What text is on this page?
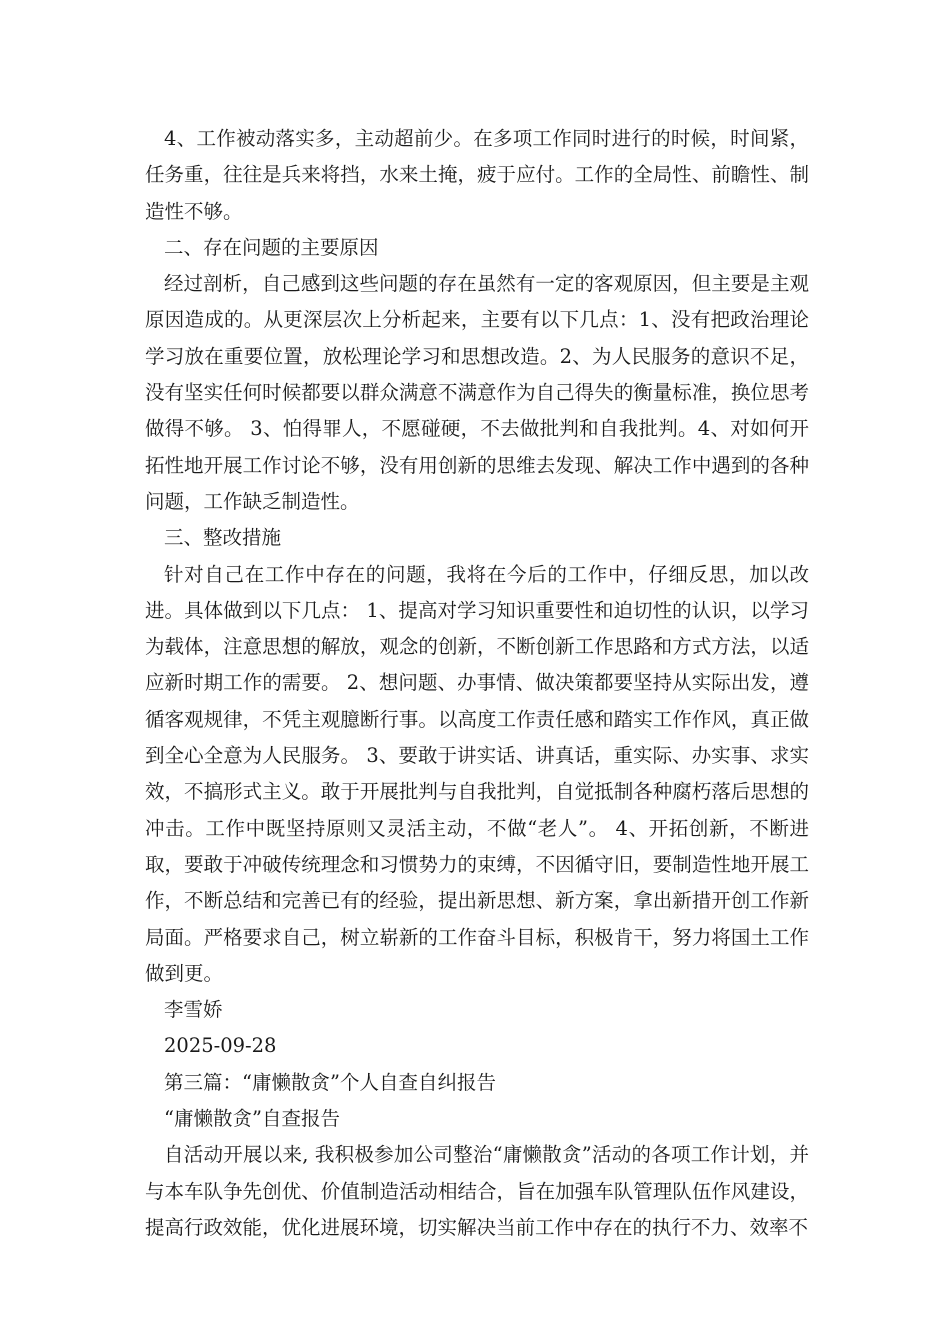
4、工作被动落实多，主动超前少。在多项工作同时进行的时候，时间紧，任务重，往往是兵来将挡，水来土掩，疲于应付。工作的全局性、前瞻性、制造性不够。

二、存在问题的主要原因

经过剖析，自己感到这些问题的存在虽然有一定的客观原因，但主要是主观原因造成的。从更深层次上分析起来，主要有以下几点：1、没有把政治理论学习放在重要位置，放松理论学习和思想改造。2、为人民服务的意识不足，没有坚实任何时候都要以群众满意不满意作为自己得失的衡量标准，换位思考做得不够。 3、怕得罪人，不愿碰硬，不去做批判和自我批判。4、对如何开拓性地开展工作讨论不够，没有用创新的思维去发现、解决工作中遇到的各种问题，工作缺乏制造性。

三、整改措施

针对自己在工作中存在的问题，我将在今后的工作中，仔细反思，加以改进。具体做到以下几点： 1、提高对学习知识重要性和迫切性的认识，以学习为载体，注意思想的解放，观念的创新，不断创新工作思路和方式方法，以适应新时期工作的需要。 2、想问题、办事情、做决策都要坚持从实际出发，遵循客观规律，不凭主观臆断行事。以高度工作责任感和踏实工作作风，真正做到全心全意为人民服务。 3、要敢于讲实话、讲真话，重实际、办实事、求实效，不搞形式主义。敢于开展批判与自我批判，自觉抵制各种腐朽落后思想的冲击。工作中既坚持原则又灵活主动，不做“老人”。 4、开拓创新，不断进取，要敢于冲破传统理念和习惯势力的束缚，不因循守旧，要制造性地开展工作，不断总结和完善已有的经验，提出新思想、新方案，拿出新措开创工作新局面。严格要求自己，树立崭新的工作奋斗目标，积极肯干，努力将国土工作做到更。

李雪娇

2025-09-28

第三篇：“庸懒散贪”个人自查自纠报告

“庸懒散贪”自查报告

自活动开展以来, 我积极参加公司整治“庸懒散贪”活动的各项工作计划，并与本车队争先创优、价值制造活动相结合，旨在加强车队管理队伍作风建设，提高行政效能，优化进展环境，切实解决当前工作中存在的执行不力、效率不
